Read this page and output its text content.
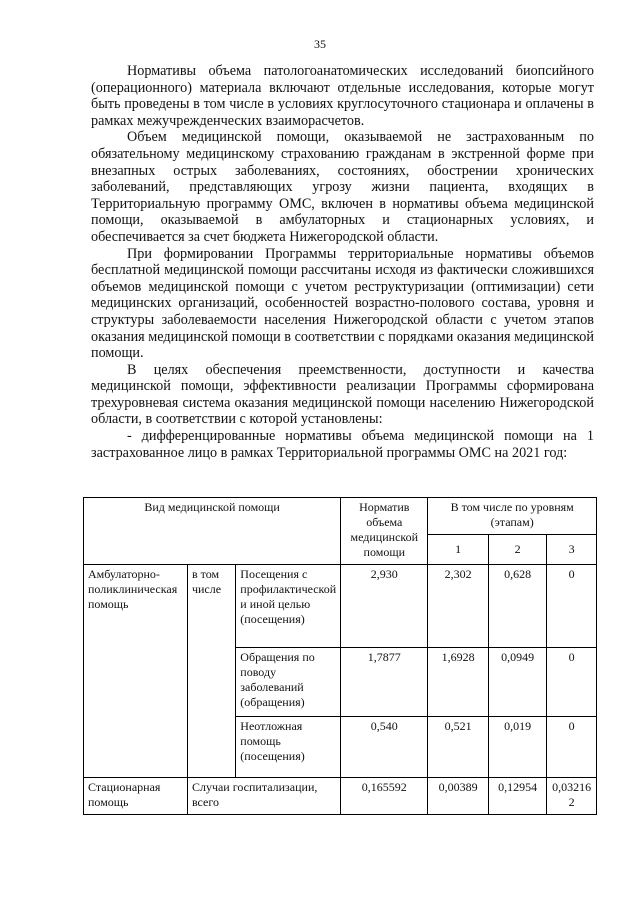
35

Нормативы объема патологоанатомических исследований биопсийного (операционного) материала включают отдельные исследования, которые могут быть проведены в том числе в условиях круглосуточного стационара и оплачены в рамках межучрежденческих взаиморасчетов.

Объем медицинской помощи, оказываемой не застрахованным по обязательному медицинскому страхованию гражданам в экстренной форме при внезапных острых заболеваниях, состояниях, обострении хронических заболеваний, представляющих угрозу жизни пациента, входящих в Территориальную программу ОМС, включен в нормативы объема медицинской помощи, оказываемой в амбулаторных и стационарных условиях, и обеспечивается за счет бюджета Нижегородской области.

При формировании Программы территориальные нормативы объемов бесплатной медицинской помощи рассчитаны исходя из фактически сложившихся объемов медицинской помощи с учетом реструктуризации (оптимизации) сети медицинских организаций, особенностей возрастно-полового состава, уровня и структуры заболеваемости населения Нижегородской области с учетом этапов оказания медицинской помощи в соответствии с порядками оказания медицинской помощи.

В целях обеспечения преемственности, доступности и качества медицинской помощи, эффективности реализации Программы сформирована трехуровневая система оказания медицинской помощи населению Нижегородской области, в соответствии с которой установлены:

- дифференцированные нормативы объема медицинской помощи на 1 застрахованное лицо в рамках Территориальной программы ОМС на 2021 год:

Вид медицинской помощи			Норматив объема медицинской помощи	В том числе по уровням (этапам)		
				1	2	3
Амбулаторно-поликлиническая помощь	в том числе	Посещения с профилактической и иной целью (посещения)	2,930	2,302	0,628	0
		Обращения по поводу заболеваний (обращения)	1,7877	1,6928	0,0949	0
		Неотложная помощь (посещения)	0,540	0,521	0,019	0
Стационарная помощь	Случаи госпитализации, всего		0,165592	0,00389	0,12954	0,032162
